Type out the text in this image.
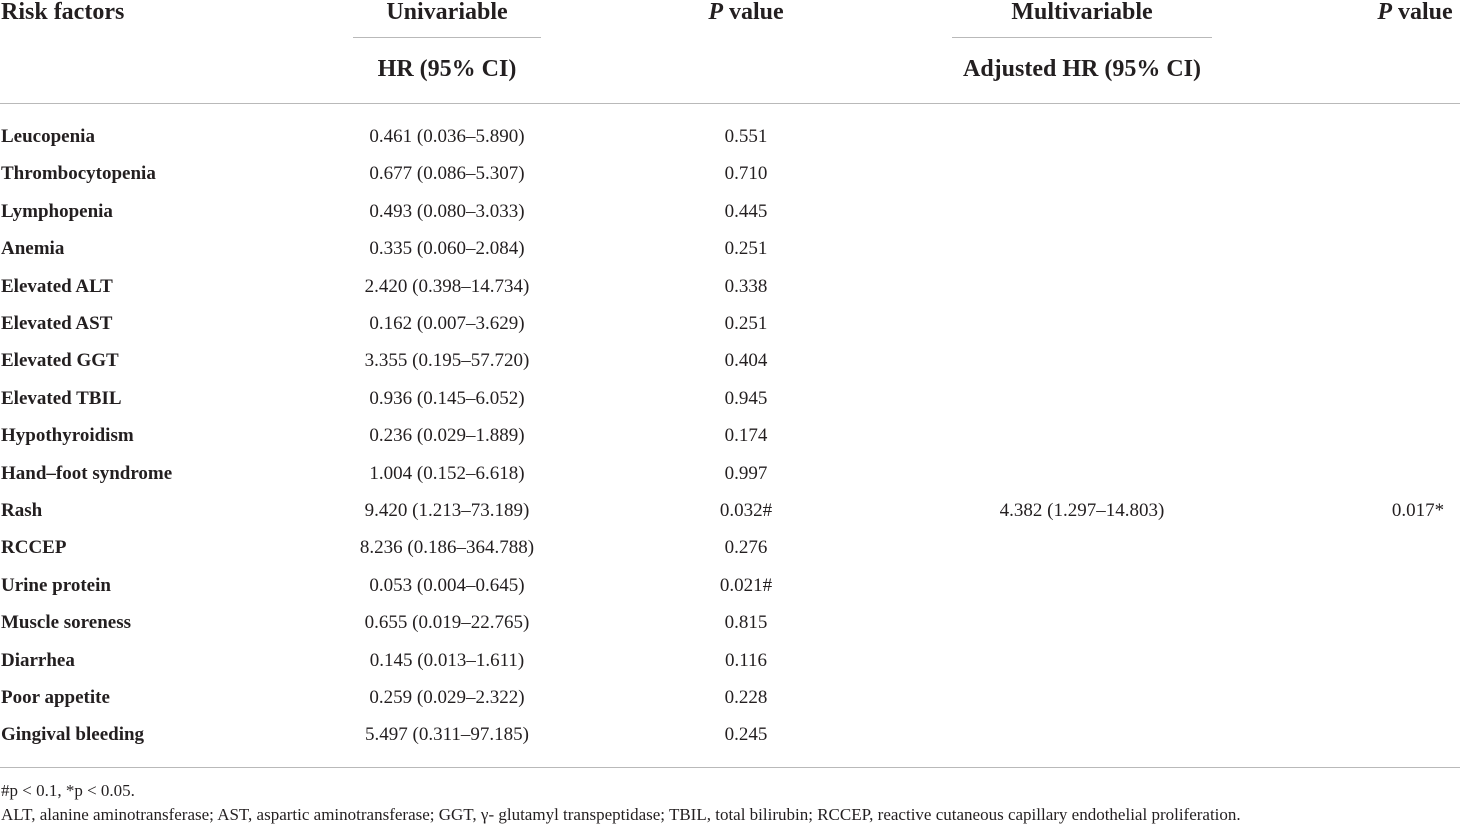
Risk factors	Univariable	P value	Multivariable	P value
HR (95% CI)	Adjusted HR (95% CI)
Leucopenia	0.461 (0.036–5.890)	0.551
Thrombocytopenia	0.677 (0.086–5.307)	0.710
Lymphopenia	0.493 (0.080–3.033)	0.445
Anemia	0.335 (0.060–2.084)	0.251
Elevated ALT	2.420 (0.398–14.734)	0.338
Elevated AST	0.162 (0.007–3.629)	0.251
Elevated GGT	3.355 (0.195–57.720)	0.404
Elevated TBIL	0.936 (0.145–6.052)	0.945
Hypothyroidism	0.236 (0.029–1.889)	0.174
Hand–foot syndrome	1.004 (0.152–6.618)	0.997
Rash	9.420 (1.213–73.189)	0.032#	4.382 (1.297–14.803)	0.017*
RCCEP	8.236 (0.186–364.788)	0.276
Urine protein	0.053 (0.004–0.645)	0.021#
Muscle soreness	0.655 (0.019–22.765)	0.815
Diarrhea	0.145 (0.013–1.611)	0.116
Poor appetite	0.259 (0.029–2.322)	0.228
Gingival bleeding	5.497 (0.311–97.185)	0.245
#p < 0.1, *p < 0.05.
ALT, alanine aminotransferase; AST, aspartic aminotransferase; GGT, γ- glutamyl transpeptidase; TBIL, total bilirubin; RCCEP, reactive cutaneous capillary endothelial proliferation.
